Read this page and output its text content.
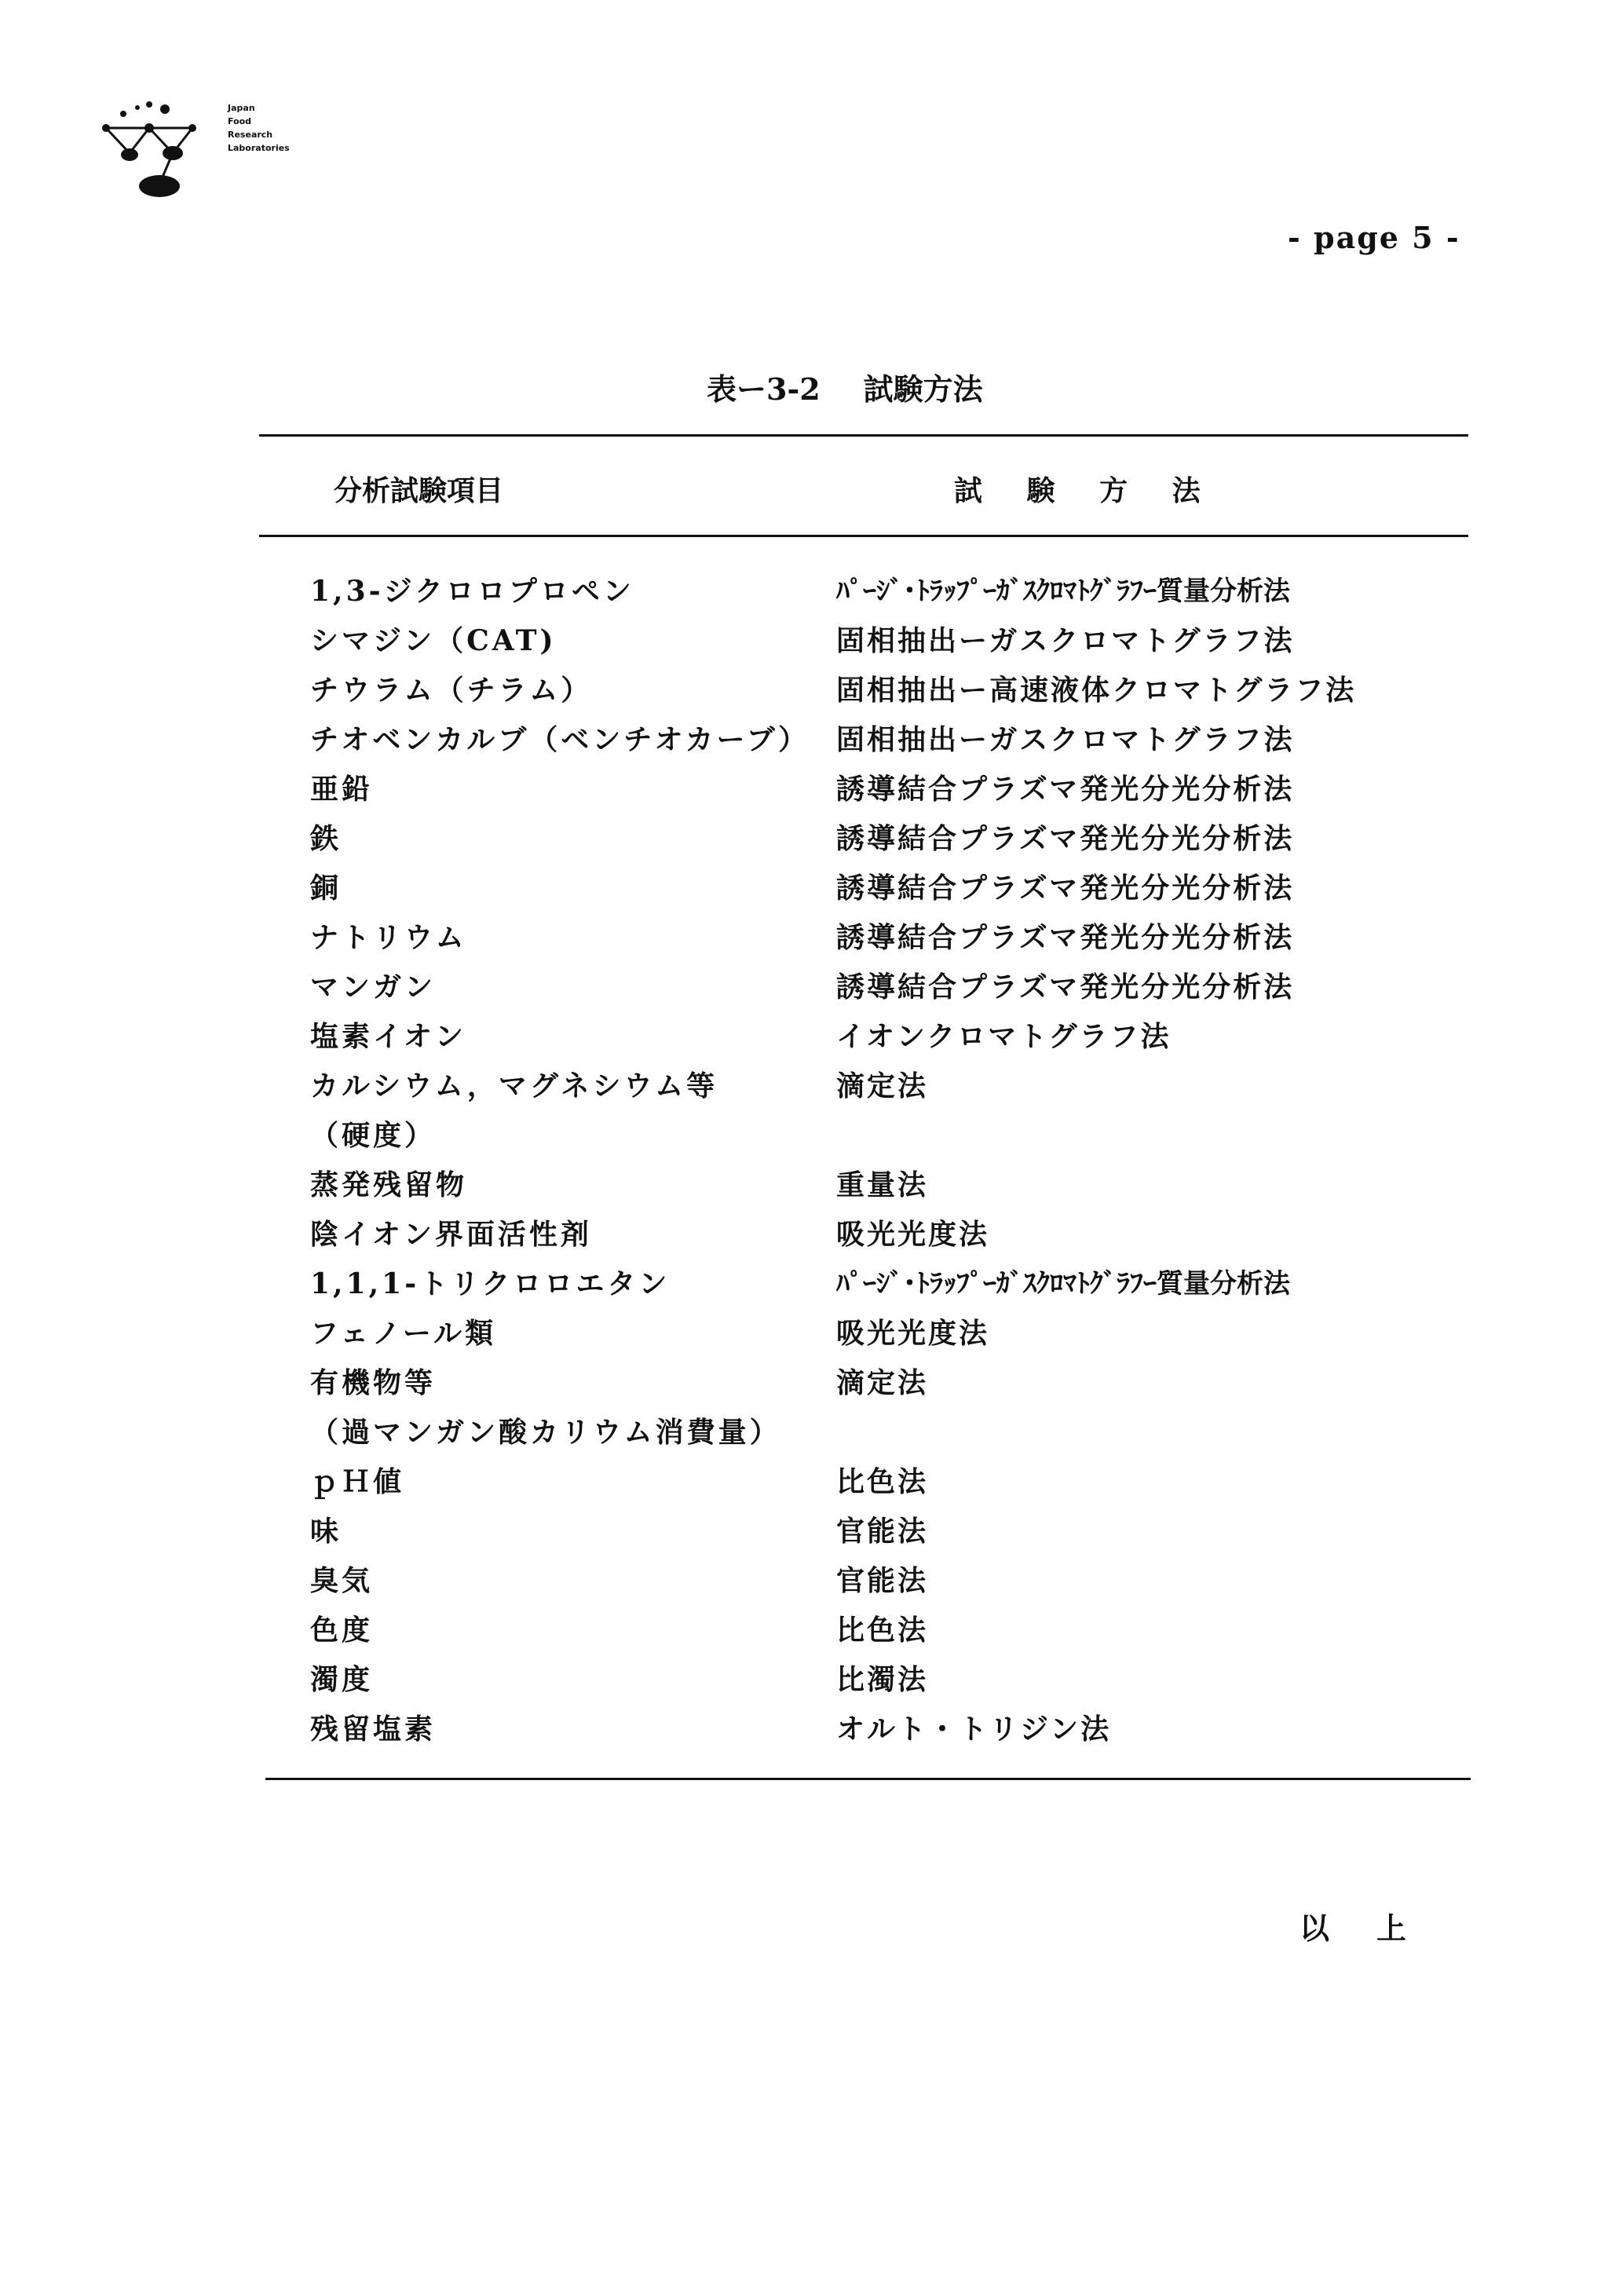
Japan
Food
Research
Laboratories
- page 5 -
表ー3-2 試験方法
分析試験項目	試 験 方 法
1,3-ジクロロプロペン	ﾊﾟｰｼﾞ･ﾄﾗｯﾌﾟｰｶﾞｽｸﾛﾏﾄｸﾞﾗﾌｰ質量分析法
シマジン（CAT)	固相抽出ーガスクロマトグラフ法
チウラム（チラム）	固相抽出ー高速液体クロマトグラフ法
チオベンカルブ（ベンチオカーブ） 固相抽出ーガスクロマトグラフ法
亜鉛	誘導結合プラズマ発光分光分析法
鉄	誘導結合プラズマ発光分光分析法
銅	誘導結合プラズマ発光分光分析法
ナトリウム	誘導結合プラズマ発光分光分析法
マンガン	誘導結合プラズマ発光分光分析法
塩素イオン	イオンクロマトグラフ法
カルシウム，マグネシウム等	滴定法
（硬度）
蒸発残留物	重量法
陰イオン界面活性剤	吸光光度法
1,1,1-トリクロロエタン	ﾊﾟｰｼﾞ･ﾄﾗｯﾌﾟｰｶﾞｽｸﾛﾏﾄｸﾞﾗﾌｰ質量分析法
フェノール類	吸光光度法
有機物等	滴定法
（過マンガン酸カリウム消費量）
ｐＨ値	比色法
味	官能法
臭気	官能法
色度	比色法
濁度	比濁法
残留塩素	オルト・トリジン法
以上
